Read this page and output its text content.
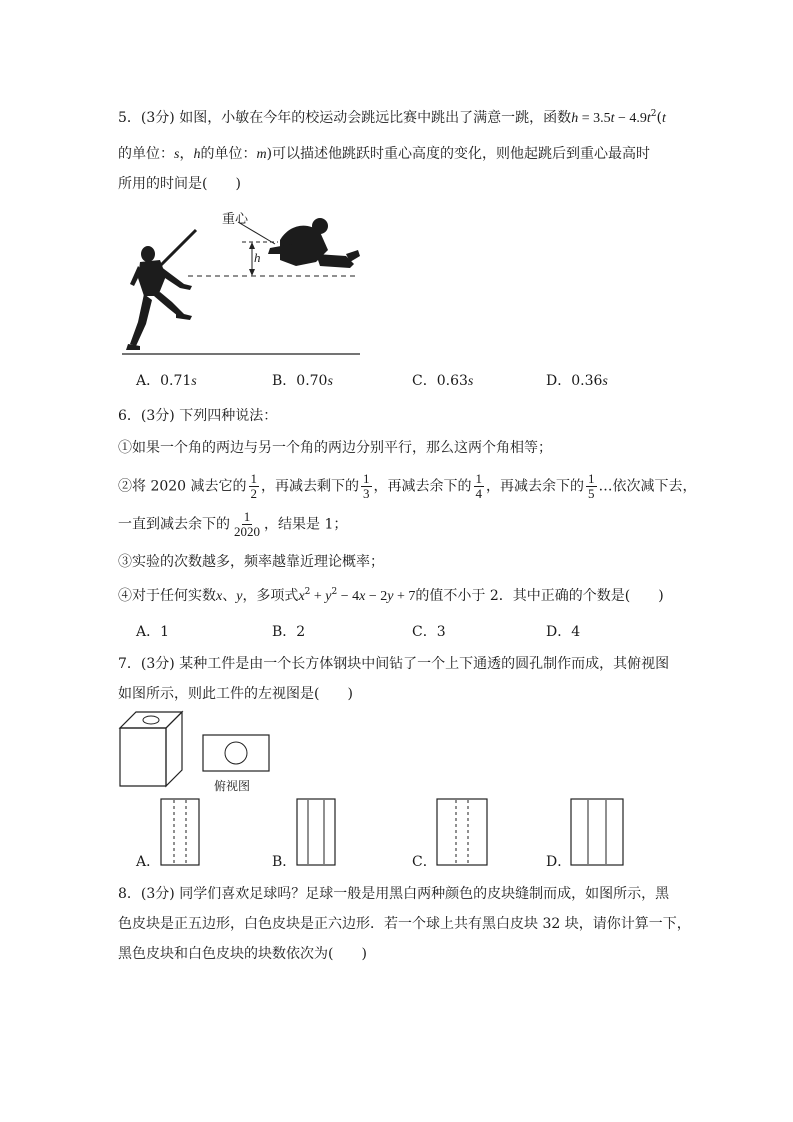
5．(3分) 如图，小敏在今年的校运动会跳远比赛中跳出了满意一跳，函数$h = 3.5t - 4.9t^2(t$
的单位：s，h的单位：m)可以描述他跳跃时重心高度的变化，则他起跳后到重心最高时
所用的时间是(　　)
重心
h
A．0.71s	B．0.70s	C．0.63s	D．0.36s
6．(3分) 下列四种说法：
①如果一个角的两边与另一个角的两边分别平行，那么这两个角相等；
②将 2020 减去它的 $\frac{1}{2}$ ，再减去剩下的 $\frac{1}{3}$ ，再减去余下的 $\frac{1}{4}$ ，再减去余下的 $\frac{1}{5}$ …依次减下去，
一直到减去余下的 $\frac{1}{2020}$ ，结果是 1；
③实验的次数越多，频率越靠近理论概率；
④对于任何实数x、y，多项式$x^2 + y^2 - 4x - 2y + 7$的值不小于 2．其中正确的个数是(　　)
A．1	B．2	C．3	D．4
7．(3分) 某种工件是由一个长方体钢块中间钻了一个上下通透的圆孔制作而成，其俯视图
如图所示，则此工件的左视图是(　　)
俯视图
A．	B．	C．	D．
8．(3分) 同学们喜欢足球吗？足球一般是用黑白两种颜色的皮块缝制而成，如图所示，黑
色皮块是正五边形，白色皮块是正六边形．若一个球上共有黑白皮块 32 块，请你计算一下，
黑色皮块和白色皮块的块数依次为(　　)
